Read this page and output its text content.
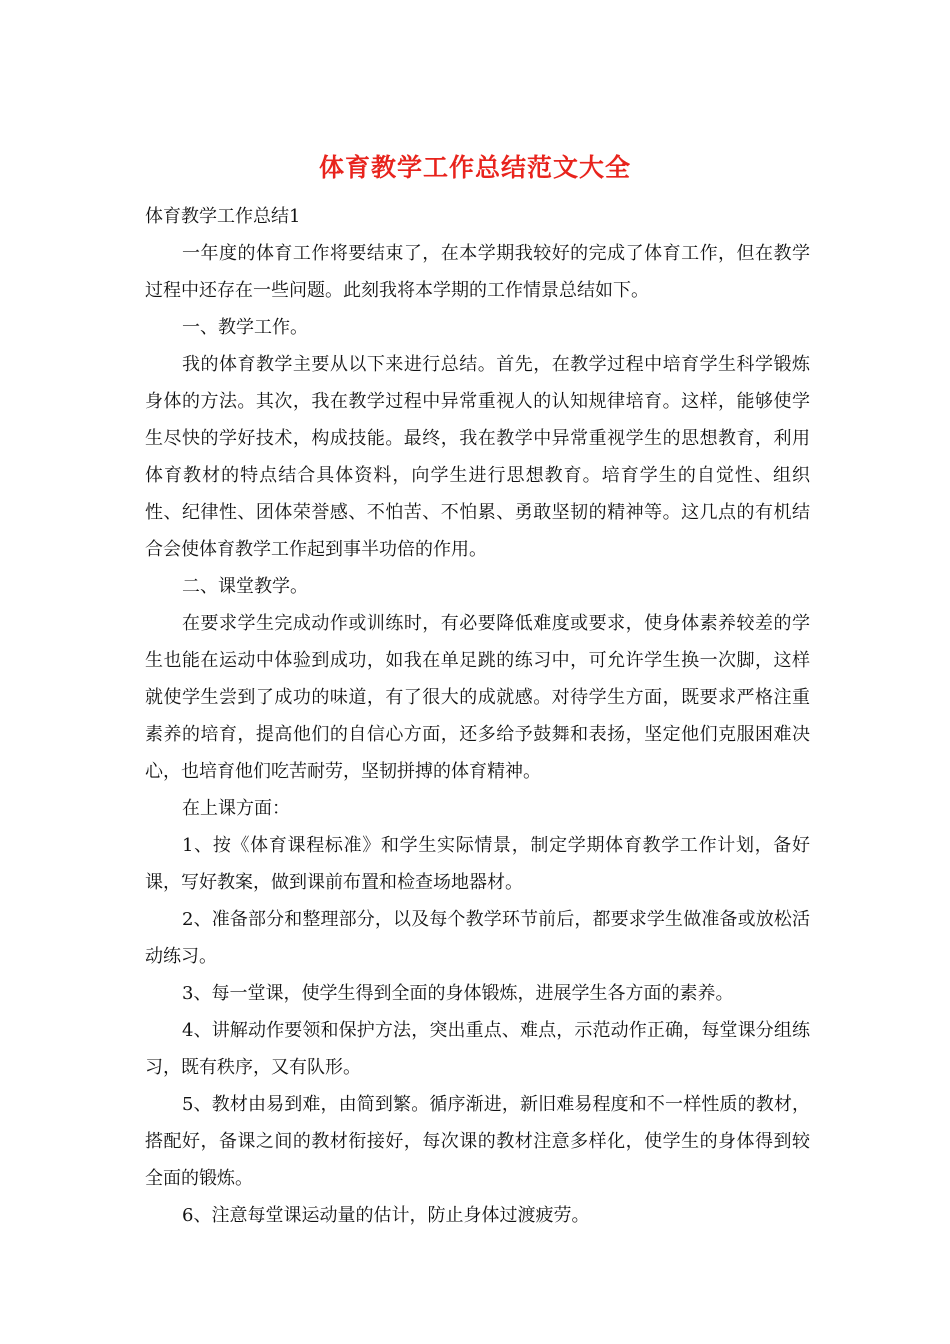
体育教学工作总结范文大全

体育教学工作总结1

一年度的体育工作将要结束了，在本学期我较好的完成了体育工作，但在教学过程中还存在一些问题。此刻我将本学期的工作情景总结如下。

一、教学工作。

我的体育教学主要从以下来进行总结。首先，在教学过程中培育学生科学锻炼身体的方法。其次，我在教学过程中异常重视人的认知规律培育。这样，能够使学生尽快的学好技术，构成技能。最终，我在教学中异常重视学生的思想教育，利用体育教材的特点结合具体资料，向学生进行思想教育。培育学生的自觉性、组织性、纪律性、团体荣誉感、不怕苦、不怕累、勇敢坚韧的精神等。这几点的有机结合会使体育教学工作起到事半功倍的作用。

二、课堂教学。

在要求学生完成动作或训练时，有必要降低难度或要求，使身体素养较差的学生也能在运动中体验到成功，如我在单足跳的练习中，可允许学生换一次脚，这样就使学生尝到了成功的味道，有了很大的成就感。对待学生方面，既要求严格注重素养的培育，提高他们的自信心方面，还多给予鼓舞和表扬，坚定他们克服困难决心，也培育他们吃苦耐劳，坚韧拼搏的体育精神。

在上课方面：

1、按《体育课程标准》和学生实际情景，制定学期体育教学工作计划，备好课，写好教案，做到课前布置和检查场地器材。

2、准备部分和整理部分，以及每个教学环节前后，都要求学生做准备或放松活动练习。

3、每一堂课，使学生得到全面的身体锻炼，进展学生各方面的素养。

4、讲解动作要领和保护方法，突出重点、难点，示范动作正确，每堂课分组练习，既有秩序，又有队形。

5、教材由易到难，由简到繁。循序渐进，新旧难易程度和不一样性质的教材，搭配好，备课之间的教材衔接好，每次课的教材注意多样化，使学生的身体得到较全面的锻炼。

6、注意每堂课运动量的估计，防止身体过渡疲劳。
